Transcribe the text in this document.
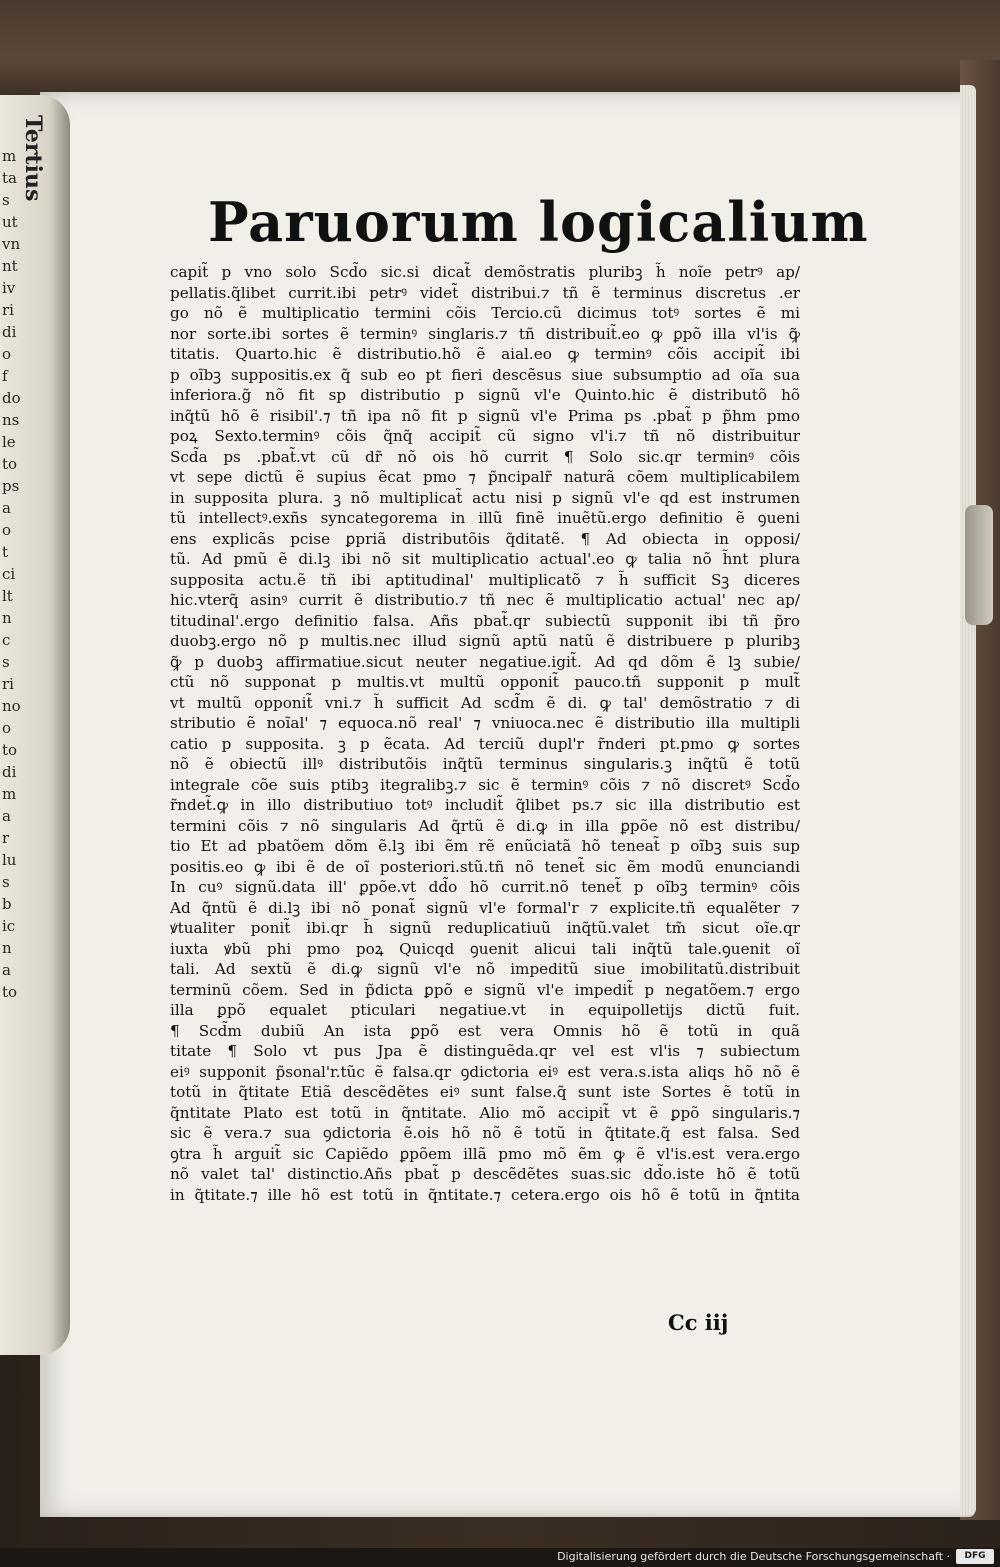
Tertius
m
ta
s
ut
vn
nt
iv
ri
di
o
f
do
ns
le
to
ps
a
o
t
ci
lt
n
c
s
ri
no
o
to
di
m
a
r
lu
s
b
ic
n
a
to
Paruorum logicalium
capit̃ p vno solo Scd̃o sic.si dicat̃ demõstratis pluribꝫ h̃ noĩe petrꝰ ap/
pellatis.q̃libet currit.ibi petrꝰ videt̃ distribui.⁊ tñ ẽ terminus discretus .er
go nõ ẽ multiplicatio termini cõis Tercio.cũ dicimus totꝰ sortes ẽ mi
nor sorte.ibi sortes ẽ terminꝰ singlaris.⁊ tñ distribuit̃.eo ꝙ ꝑpõ illa vl'is ꝙ̃
titatis. Quarto.hic ẽ distributio.hõ ẽ aial.eo ꝙ terminꝰ cõis accipit̃ ibi
p oĩbꝫ suppositis.ex q̃ sub eo pt fieri descẽsus siue subsumptio ad oĩa sua
inferiora.g̃ nõ fit sp distributio p signũ vl'e Quinto.hic ẽ distributõ hõ
inq̃tũ hõ ẽ risibil'.⁊ tñ ipa nõ fit p signũ vl'e Prima ps .pbat̃ p p̃hm pmo
poꝝ Sexto.terminꝰ cõis q̃nq̃ accipit̃ cũ signo vl'i.⁊ tñ nõ distribuitur
Scd̃a ps .pbat̃.vt cũ dr̃ nõ ois hõ currit ¶ Solo sic.qr terminꝰ cõis
vt sepe dictũ ẽ supius ẽcat pmo ⁊ p̃ncipalr̃ naturã cõem multiplicabilem
in supposita plura. ꝫ nõ multiplicat̃ actu nisi p signũ vl'e qd est instrumen
tũ intellectꝰ.exñs syncategorema in illũ finẽ inuẽtũ.ergo definitio ẽ ꝯueni
ens explicãs pcise ꝑpriã distributõis q̃ditatẽ. ¶ Ad obiecta in opposi/
tũ. Ad pmũ ẽ di.lꝫ ibi nõ sit multiplicatio actual'.eo ꝙ talia nõ h̃nt plura
supposita actu.ẽ tñ ibi aptitudinal' multiplicatõ ⁊ h̃ sufficit Sꝫ diceres
hic.vterq̃ asinꝰ currit ẽ distributio.⁊ tñ nec ẽ multiplicatio actual' nec ap/
titudinal'.ergo definitio falsa. Añs pbat̃.qr subiectũ supponit ibi tñ p̃ro
duobꝫ.ergo nõ p multis.nec illud signũ aptũ natũ ẽ distribuere p pluribꝫ
ꝙ̃ p duobꝫ affirmatiue.sicut neuter negatiue.igit̃. Ad qd dõm ẽ lꝫ subie/
ctũ nõ supponat p multis.vt multũ opponit̃ pauco.tñ supponit p mult̃
vt multũ opponit̃ vni.⁊ h̃ sufficit Ad scd̃m ẽ di. ꝙ tal' demõstratio ⁊ di
stributio ẽ noĩal' ⁊ equoca.nõ real' ⁊ vniuoca.nec ẽ distributio illa multipli
catio p supposita. ꝫ p ẽcata. Ad terciũ dupl'r r̃nderi pt.pmo ꝙ sortes
nõ ẽ obiectũ illꝰ distributõis inq̃tũ terminus singularis.ꝫ inq̃tũ ẽ totũ
integrale cõe suis ptibꝫ itegralibꝫ.⁊ sic ẽ terminꝰ cõis ⁊ nõ discretꝰ Scd̃o
r̃ndet̃.ꝙ in illo distributiuo totꝰ includit̃ q̃libet ps.⁊ sic illa distributio est
termini cõis ⁊ nõ singularis Ad q̃rtũ ẽ di.ꝙ in illa ꝑpõe nõ est distribu/
tio Et ad pbatõem dõm ẽ.lꝫ ibi ẽm rẽ enũciatã hõ teneat̃ p oĩbꝫ suis sup
positis.eo ꝙ ibi ẽ de oĩ posteriori.stũ.tñ nõ tenet̃ sic ẽm modũ enunciandi
In cuꝰ signũ.data ill' ꝑpõe.vt dd̃o hõ currit.nõ tenet̃ p oĩbꝫ terminꝰ cõis
Ad q̃ntũ ẽ di.lꝫ ibi nõ ponat̃ signũ vl'e formal'r ⁊ explicite.tñ equalẽter ⁊
ꝟtualiter ponit̃ ibi.qr h̃ signũ reduplicatiuũ inq̃tũ.valet tm̃ sicut oĩe.qr
iuxta ꝟbũ phi pmo poꝝ Quicqd ꝯuenit alicui tali inq̃tũ tale.ꝯuenit oĩ
tali. Ad sextũ ẽ di.ꝙ signũ vl'e nõ impeditũ siue imobilitatũ.distribuit
terminũ cõem. Sed in p̃dicta ꝑpõ e signũ vl'e impedit̃ p negatõem.⁊ ergo
illa ꝑpõ equalet pticulari negatiue.vt in equipolletijs dictũ fuit.
¶ Scd̃m dubiũ An ista ꝑpõ est vera Omnis hõ ẽ totũ in quã
titate ¶ Solo vt pus Jpa ẽ distinguẽda.qr vel est vl'is ⁊ subiectum
eiꝰ supponit p̃sonal'r.tũc ẽ falsa.qr ꝯdictoria eiꝰ est vera.s.ista aliqs hõ nõ ẽ
totũ in q̃titate Etiã descẽdẽtes eiꝰ sunt false.q̃ sunt iste Sortes ẽ totũ in
q̃ntitate Plato est totũ in q̃ntitate. Alio mõ accipit̃ vt ẽ ꝑpõ singularis.⁊
sic ẽ vera.⁊ sua ꝯdictoria ẽ.ois hõ nõ ẽ totũ in q̃titate.q̃ est falsa. Sed
ꝯtra h̃ argui̇t̃ sic Capiẽdo ꝑpõem illã pmo mõ ẽm ꝙ ẽ vl'is.est vera.ergo
nõ valet tal' distinctio.Añs pbat̃ p descẽdẽtes suas.sic dd̃o.iste hõ ẽ totũ
in q̃titate.⁊ ille hõ est totũ in q̃ntitate.⁊ cetera.ergo ois hõ ẽ totũ in q̃ntita
Cc iij
Digitalisierung gefördert durch die Deutsche Forschungsgemeinschaft ·	DFG
